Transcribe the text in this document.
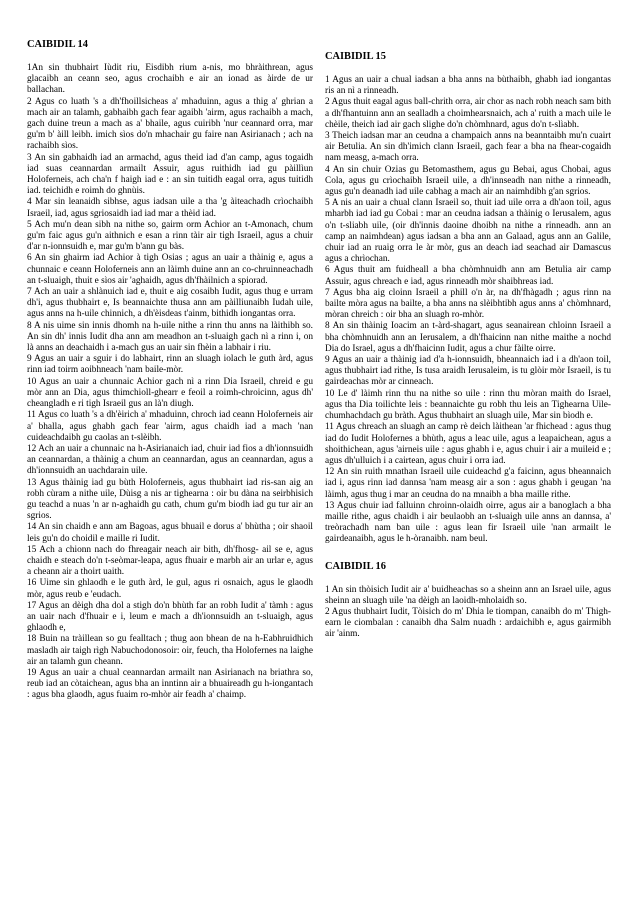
CAIBIDIL 14

1An sin thubhairt Iùdit riu, Eisdibh rium a-nis, mo bhràithrean, agus glacaibh an ceann seo, agus crochaibh e air an ionad as àirde de ur ballachan.

2 Agus co luath 's a dh'fhoillsicheas a' mhaduinn, agus a thig a' ghrian a mach air an talamh, gabhaibh gach fear agaibh 'airm, agus rachaibh a mach, gach duine treun a mach as a' bhaile, agus cuiribh 'nur ceannard orra, mar gu'm b' àill leibh. imich sìos do'n mhachair gu faire nan Asirianach ; ach na rachaibh sìos.

3 An sin gabhaidh iad an armachd, agus theid iad d'an camp, agus togaidh iad suas ceannardan armailt Assuir, agus ruithidh iad gu pàillìun Holoferneis, ach cha'n f haigh iad e : an sin tuitidh eagal orra, agus tuitidh iad. teichidh e roimh do ghnùis.

4 Mar sin leanaidh sibhse, agus iadsan uile a tha 'g àiteachadh crìochaibh Israeil, iad, agus sgriosaidh iad iad mar a thèid iad.

5 Ach mu'n dean sibh na nithe so, gairm orm Achior an t-Amonach, chum gu'm faic agus gu'n aithnich e esan a rinn tàir air tigh Israeil, agus a chuir d'ar n-ionnsuidh e, mar gu'm b'ann gu bàs.

6 An sin ghairm iad Achior à tigh Osias ; agus an uair a thàinig e, agus a chunnaic e ceann Holoferneis ann an làimh duine ann an co-chruinneachadh an t-sluaigh, thuit e sìos air 'aghaidh, agus dh'fhàilnich a spiorad.

7 Ach an uair a shlànuich iad e, thuit e aig cosaibh Iudit, agus thug e urram dh'i, agus thubhairt e, Is beannaichte thusa ann am pàilliunaibh Iudah uile, agus anns na h-uile chinnich, a dh'èisdeas t'ainm, bithidh iongantas orra.

8 A nis uime sin innis dhomh na h-uile nithe a rinn thu anns na làithibh so. An sin dh' innis Iudit dha ann am meadhon an t-sluaigh gach nì a rinn i, on là anns an deachaidh i a-mach gus an uair sin fhèin a labhair i riu.

9 Agus an uair a sguir i do labhairt, rinn an sluagh iolach le guth àrd, agus rinn iad toirm aoibhneach 'nam baile-mòr.

10 Agus an uair a chunnaic Achior gach nì a rinn Dia Israeil, chreid e gu mòr ann an Dia, agus thimchioll-ghearr e feoil a roimh-chroicinn, agus dh' cheangladh e ri tigh Israeil gus an là'n diugh.

11 Agus co luath 's a dh'èirich a' mhaduinn, chroch iad ceann Holoferneis air a' bhalla, agus ghabh gach fear 'airm, agus chaidh iad a mach 'nan cuideachdaibh gu caolas an t-slèibh.

12 Ach an uair a chunnaic na h-Asirianaich iad, chuir iad fios a dh'ionnsuidh an ceannardan, a thàinig a chum an ceannardan, agus an ceannardan, agus a dh'ionnsuidh an uachdarain uile.

13 Agus thàinig iad gu bùth Holoferneis, agus thubhairt iad ris-san aig an robh cùram a nithe uile, Dùisg a nis ar tighearna : oir bu dàna na seirbhisich gu teachd a nuas 'n ar n-aghaidh gu cath, chum gu'm biodh iad gu tur air an sgrios.

14 An sin chaidh e ann am Bagoas, agus bhuail e dorus a' bhùtha ; oir shaoil leis gu'n do choidil e maille ri Iudit.

15 Ach a chionn nach do fhreagair neach air bith, dh'fhosg- ail se e, agus chaidh e steach do'n t-seòmar-leapa, agus fhuair e marbh air an urlar e, agus a cheann air a thoirt uaith.

16 Uime sin ghlaodh e le guth àrd, le gul, agus ri osnaich, agus le glaodh mòr, agus reub e 'eudach.

17 Agus an dèigh dha dol a stigh do'n bhùth far an robh Iudit a' tàmh : agus an uair nach d'fhuair e i, leum e mach a dh'ionnsuidh an t-sluaigh, agus ghlaodh e,

18 Buin na tràillean so gu fealltach ; thug aon bhean de na h-Eabhruidhich masladh air taigh rìgh Nabuchodonosoir: oir, feuch, tha Holofernes na laighe air an talamh gun cheann.

19 Agus an uair a chual ceannardan armailt nan Asirianach na briathra so, reub iad an còtaichean, agus bha an inntinn air a bhuaireadh gu h-iongantach : agus bha glaodh, agus fuaim ro-mhòr air feadh a' chaimp.

CAIBIDIL 15

1 Agus an uair a chual iadsan a bha anns na bùthaibh, ghabh iad iongantas ris an nì a rinneadh.

2 Agus thuit eagal agus ball-chrith orra, air chor as nach robh neach sam bith a dh'fhantuinn ann an sealladh a choimhearsnaich, ach a' ruith a mach uile le chèile, theich iad air gach slighe do'n chòmhnard, agus do'n t-slìabh.

3 Theich iadsan mar an ceudna a champaich anns na beanntaibh mu'n cuairt air Betulia. An sin dh'imich clann Israeil, gach fear a bha na fhear-cogaidh nam measg, a-mach orra.

4 An sin chuir Ozias gu Betomasthem, agus gu Bebai, agus Chobai, agus Cola, agus gu crìochaibh Israeil uile, a dh'innseadh nan nithe a rinneadh, agus gu'n deanadh iad uile cabhag a mach air an naimhdibh g'an sgrios.

5 A nis an uair a chual clann Israeil so, thuit iad uile orra a dh'aon toil, agus mharbh iad iad gu Cobai : mar an ceudna iadsan a thàinig o Ierusalem, agus o'n t-sliabh uile, (oir dh'innis daoine dhoibh na nithe a rinneadh. ann an camp an naimhdean) agus iadsan a bha ann an Galaad, agus ann an Galile, chuir iad an ruaig orra le àr mòr, gus an deach iad seachad air Damascus agus a chrìochan.

6 Agus thuit am fuidheall a bha chòmhnuidh ann am Betulia air camp Assuir, agus chreach e iad, agus rinneadh mòr shaibhreas iad.

7 Agus bha aig cloinn Israeil a phill o'n àr, na dh'fhàgadh ; agus rinn na bailte mòra agus na bailte, a bha anns na slèibhtibh agus anns a' chòmhnard, mòran chreich : oir bha an sluagh ro-mhòr.

8 An sin thàinig Ioacim an t-àrd-shagart, agus seanairean chloinn Israeil a bha chòmhnuidh ann an Ierusalem, a dh'fhaicinn nan nithe maithe a nochd Dia do Israel, agus a dh'fhaicinn Iudit, agus a chur fàilte oirre.

9 Agus an uair a thàinig iad d'a h-ionnsuidh, bheannaich iad i a dh'aon toil, agus thubhairt iad rithe, Is tusa araidh Ierusaleim, is tu glòir mòr Israeil, is tu gairdeachas mòr ar cinneach.

10 Le d' làimh rinn thu na nithe so uile : rinn thu mòran maith do Israel, agus tha Dia toilichte leis : beannaichte gu robh thu leis an Tighearna Uile-chumhachdach gu bràth. Agus thubhairt an sluagh uile, Mar sin bìodh e.

11 Agus chreach an sluagh an camp rè deich làithean 'ar fhichead : agus thug iad do Iudit Holofernes a bhùth, agus a leac uile, agus a leapaichean, agus a shoithichean, agus 'airneis uile : agus ghabh i e, agus chuir i air a muileid e ; agus dh'ulluich i a cairtean, agus chuir i orra iad.

12 An sin ruith mnathan Israeil uile cuideachd g'a faicinn, agus bheannaich iad i, agus rinn iad dannsa 'nam measg air a son : agus ghabh i geugan 'na làimh, agus thug i mar an ceudna do na mnaibh a bha maille rithe.

13 Agus chuir iad falluinn chroinn-olaidh oirre, agus air a banoglach a bha maille rithe, agus chaidh i air beulaobh an t-sluaigh uile anns an dannsa, a' treòrachadh nam ban uile : agus lean fir Israeil uile 'nan armailt le gairdeanaibh, agus le h-òranaibh. nam beul.

CAIBIDIL 16

1 An sin thòisich Iudit air a' buidheachas so a sheinn ann an Israel uile, agus sheinn an sluagh uile 'na dèigh an laoidh-mholaidh so.

2 Agus thubhairt Iudit, Tòisich do m' Dhia le tiompan, canaibh do m' Thigh- earn le ciombalan : canaibh dha Salm nuadh : ardaichibh e, agus gairmibh air 'ainm.
